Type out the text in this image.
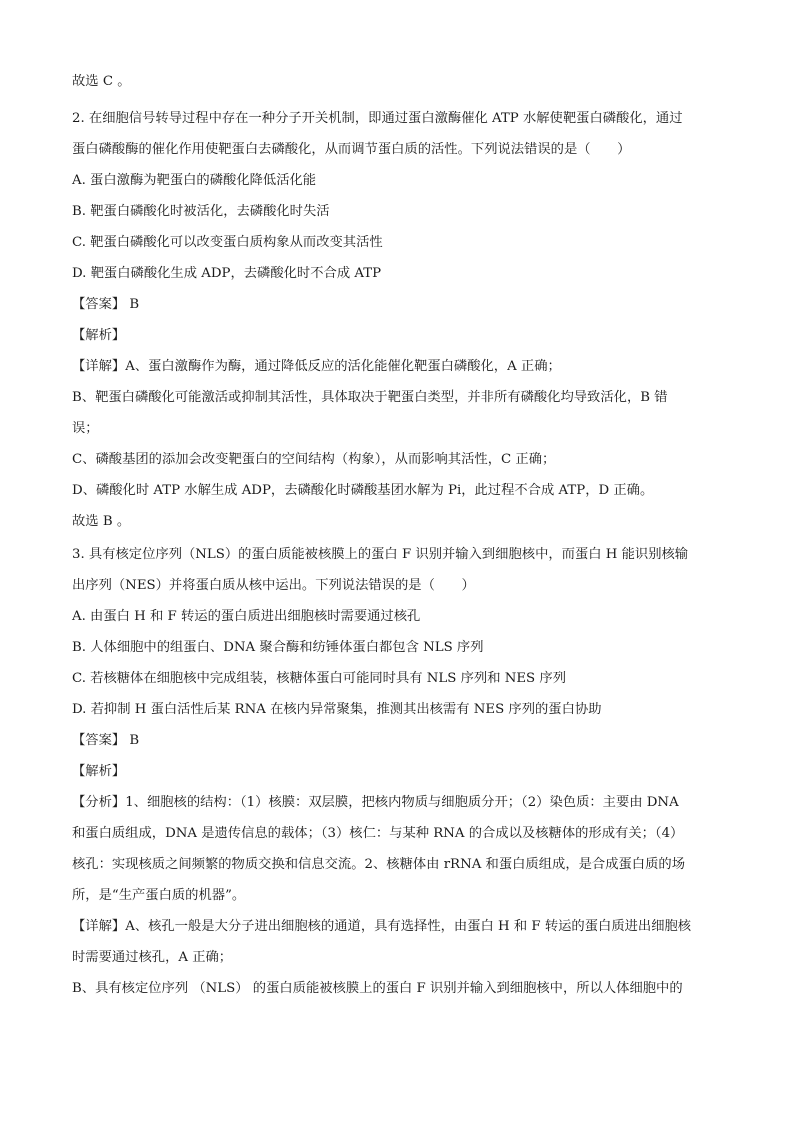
故选 C 。
2. 在细胞信号转导过程中存在一种分子开关机制，即通过蛋白激酶催化 ATP 水解使靶蛋白磷酸化，通过
蛋白磷酸酶的催化作用使靶蛋白去磷酸化，从而调节蛋白质的活性。下列说法错误的是（　　）
A. 蛋白激酶为靶蛋白的磷酸化降低活化能
B. 靶蛋白磷酸化时被活化，去磷酸化时失活
C. 靶蛋白磷酸化可以改变蛋白质构象从而改变其活性
D. 靶蛋白磷酸化生成 ADP，去磷酸化时不合成 ATP
【 答案 】 B
【 解析 】
【 详解 】 A、蛋白激酶作为酶，通过降低反应的活化能催化靶蛋白磷酸化，A 正确；
B、靶蛋白磷酸化可能激活或抑制其活性，具体取决于靶蛋白类型，并非所有磷酸化均导致活化，B 错
误；
C、磷酸基团的添加会改变靶蛋白的空间结构（构象），从而影响其活性，C 正确；
D、磷酸化时 ATP 水解生成 ADP，去磷酸化时磷酸基团水解为 Pi，此过程不合成 ATP，D 正确。
故选 B 。
3. 具有核定位序列（NLS）的蛋白质能被核膜上的蛋白 F 识别并输入到细胞核中，而蛋白 H 能识别核输
出序列（NES）并将蛋白质从核中运出。下列说法错误的是（　　）
A. 由蛋白 H 和 F 转运的蛋白质进出细胞核时需要通过核孔
B. 人体细胞中的组蛋白、DNA 聚合酶和纺锤体蛋白都包含 NLS 序列
C. 若核糖体在细胞核中完成组装，核糖体蛋白可能同时具有 NLS 序列和 NES 序列
D. 若抑制 H 蛋白活性后某 RNA 在核内异常聚集，推测其出核需有 NES 序列的蛋白协助
【 答案 】 B
【 解析 】
【 分析 】 1、细胞核的结构：（1）核膜：双层膜，把核内物质与细胞质分开；（2）染色质：主要由 DNA
和蛋白质组成，DNA 是遗传信息的载体；（3）核仁：与某种 RNA 的合成以及核糖体的形成有关；（4）
核孔：实现核质之间频繁的物质交换和信息交流。2、核糖体由 rRNA 和蛋白质组成，是合成蛋白质的场
所，是“生产蛋白质的机器”。
【 详解 】 A、核孔一般是大分子进出细胞核的通道，具有选择性，由蛋白 H 和 F 转运的蛋白质进出细胞核
时需要通过核孔，A 正确；
B、具有核定位序列 （NLS） 的蛋白质能被核膜上的蛋白 F 识别并输入到细胞核中，所以人体细胞中的
